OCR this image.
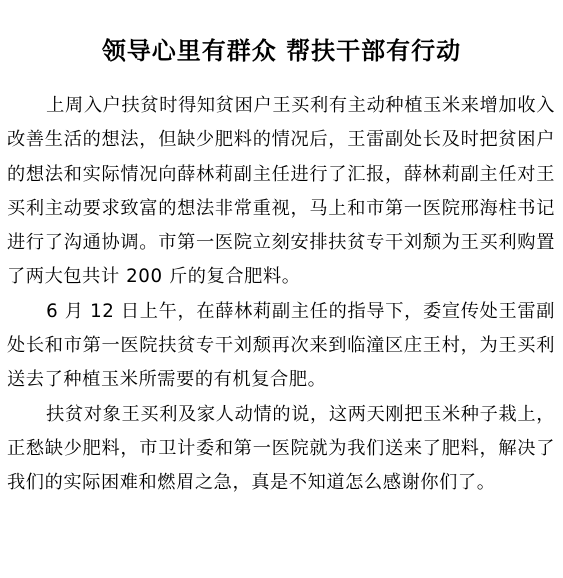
领导心里有群众 帮扶干部有行动

上周入户扶贫时得知贫困户王买利有主动种植玉米来增加收入改善生活的想法，但缺少肥料的情况后，王雷副处长及时把贫困户的想法和实际情况向薛林莉副主任进行了汇报，薛林莉副主任对王买利主动要求致富的想法非常重视，马上和市第一医院邢海柱书记进行了沟通协调。市第一医院立刻安排扶贫专干刘颓为王买利购置了两大包共计 200 斤的复合肥料。

6 月 12 日上午，在薛林莉副主任的指导下，委宣传处王雷副处长和市第一医院扶贫专干刘颓再次来到临潼区庄王村，为王买利送去了种植玉米所需要的有机复合肥。

扶贫对象王买利及家人动情的说，这两天刚把玉米种子栽上，正愁缺少肥料，市卫计委和第一医院就为我们送来了肥料，解决了我们的实际困难和燃眉之急，真是不知道怎么感谢你们了。
